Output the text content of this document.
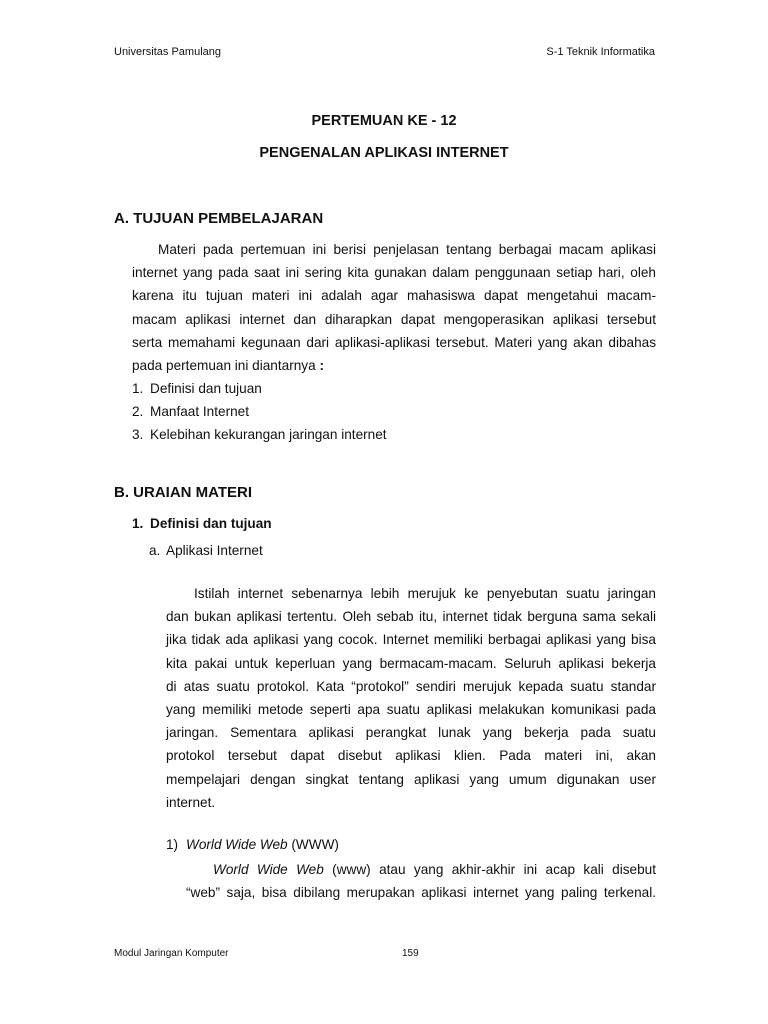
Universitas Pamulang	S-1 Teknik Informatika
PERTEMUAN KE - 12
PENGENALAN APLIKASI INTERNET
A. TUJUAN PEMBELAJARAN

Materi pada pertemuan ini berisi penjelasan tentang berbagai macam aplikasi

internet yang pada saat ini sering kita gunakan dalam penggunaan setiap hari, oleh

karena itu tujuan materi ini adalah agar mahasiswa dapat mengetahui macam-

macam aplikasi internet dan diharapkan dapat mengoperasikan aplikasi tersebut

serta memahami kegunaan dari aplikasi-aplikasi tersebut. Materi yang akan dibahas

pada pertemuan ini diantarnya :

1. Definisi dan tujuan

2. Manfaat Internet

3. Kelebihan kekurangan jaringan internet

B. URAIAN MATERI
1. Definisi dan tujuan
a. Aplikasi Internet

Istilah internet sebenarnya lebih merujuk ke penyebutan suatu jaringan

dan bukan aplikasi tertentu. Oleh sebab itu, internet tidak berguna sama sekali

jika tidak ada aplikasi yang cocok. Internet memiliki berbagai aplikasi yang bisa

kita pakai untuk keperluan yang bermacam-macam. Seluruh aplikasi bekerja

di atas suatu protokol. Kata “protokol” sendiri merujuk kepada suatu standar

yang memiliki metode seperti apa suatu aplikasi melakukan komunikasi pada

jaringan. Sementara aplikasi perangkat lunak yang bekerja pada suatu

protokol tersebut dapat disebut aplikasi klien. Pada materi ini, akan

mempelajari dengan singkat tentang aplikasi yang umum digunakan user

internet.

1) World Wide Web (WWW)

World Wide Web (www) atau yang akhir-akhir ini acap kali disebut

“web” saja, bisa dibilang merupakan aplikasi internet yang paling terkenal.

Modul Jaringan Komputer	159
